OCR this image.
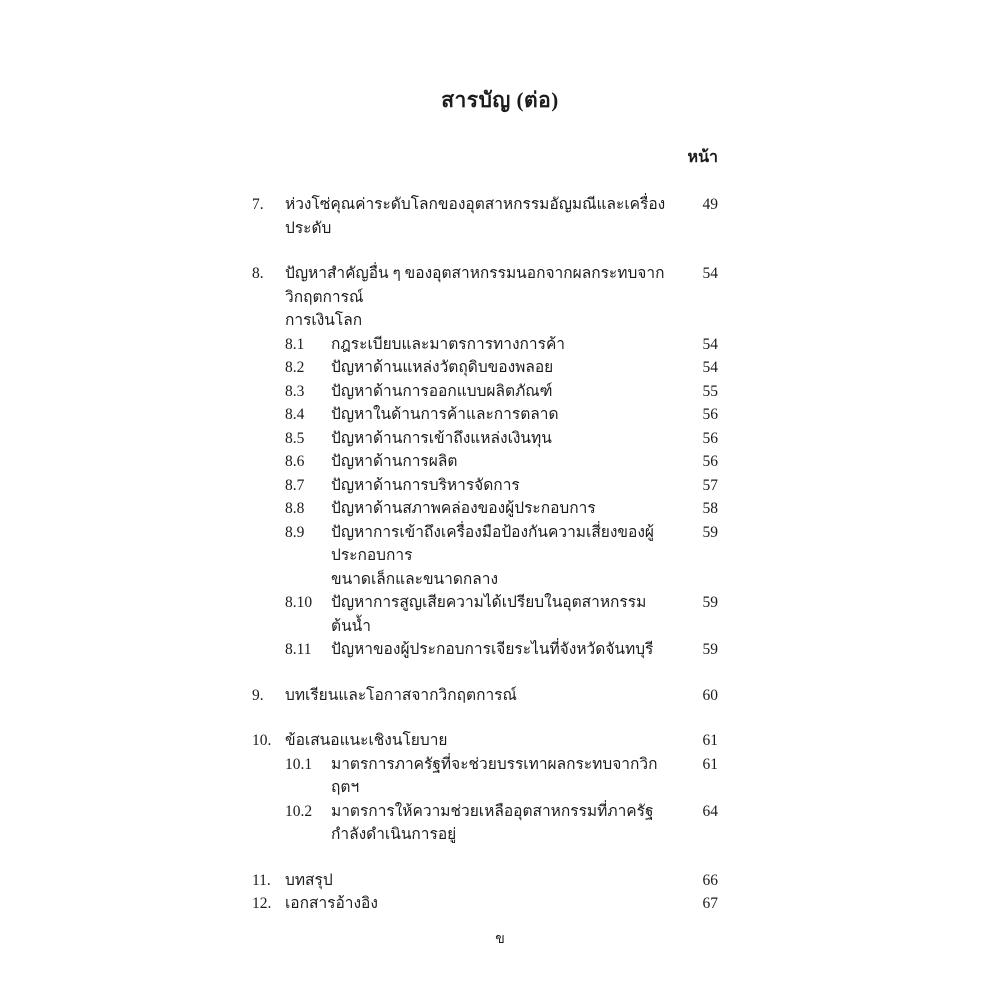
สารบัญ (ต่อ)
หน้า
7.	ห่วงโซ่คุณค่าระดับโลกของอุตสาหกรรมอัญมณีและเครื่องประดับ
49
8.	ปัญหาสำคัญอื่น ๆ ของอุตสาหกรรมนอกจากผลกระทบจากวิกฤตการณ์
การเงินโลก
54
8.1	กฎระเบียบและมาตรการทางการค้า	54
8.2	ปัญหาด้านแหล่งวัตถุดิบของพลอย	54
8.3	ปัญหาด้านการออกแบบผลิตภัณฑ์	55
8.4	ปัญหาในด้านการค้าและการตลาด	56
8.5	ปัญหาด้านการเข้าถึงแหล่งเงินทุน	56
8.6	ปัญหาด้านการผลิต	56
8.7	ปัญหาด้านการบริหารจัดการ	57
8.8	ปัญหาด้านสภาพคล่องของผู้ประกอบการ	58
8.9	ปัญหาการเข้าถึงเครื่องมือป้องกันความเสี่ยงของผู้ประกอบการ
ขนาดเล็กและขนาดกลาง
59
8.10	ปัญหาการสูญเสียความได้เปรียบในอุตสาหกรรมต้นน้ำ
59
8.11	ปัญหาของผู้ประกอบการเจียระไนที่จังหวัดจันทบุรี	59
9.	บทเรียนและโอกาสจากวิกฤตการณ์	60
10. ข้อเสนอแนะเชิงนโยบาย	61
10.1	มาตรการภาครัฐที่จะช่วยบรรเทาผลกระทบจากวิกฤตฯ
61
10.2	มาตรการให้ความช่วยเหลืออุตสาหกรรมที่ภาครัฐกำลังดำเนินการอยู่
64
11. บทสรุป	66
12. เอกสารอ้างอิง	67
ข
